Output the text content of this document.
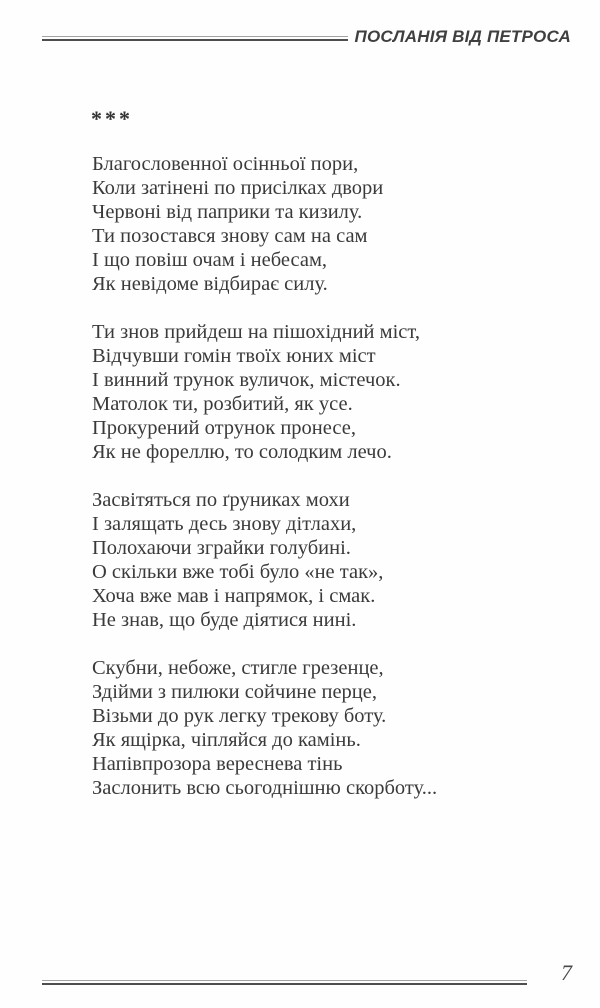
ПОСЛАНІЯ ВІД ПЕТРОСА
***
Благословенної осінньої пори,
Коли затінені по присілках двори
Червоні від паприки та кизилу.
Ти позостався знову сам на сам
І що повіш очам і небесам,
Як невідоме відбирає силу.
Ти знов прийдеш на пішохідний міст,
Відчувши гомін твоїх юних міст
І винний трунок вуличок, містечок.
Матолок ти, розбитий, як усе.
Прокурений отрунок пронесе,
Як не фореллю, то солодким лечо.
Засвітяться по ґруниках мохи
І залящать десь знову дітлахи,
Полохаючи зграйки голубині.
О скільки вже тобі було «не так»,
Хоча вже мав і напрямок, і смак.
Не знав, що буде діятися нині.
Скубни, небоже, стигле грезенце,
Здійми з пилюки сойчине перце,
Візьми до рук легку трекову боту.
Як ящірка, чіпляйся до камінь.
Напівпрозора вереснева тінь
Заслонить всю сьогоднішню скорботу...
7
